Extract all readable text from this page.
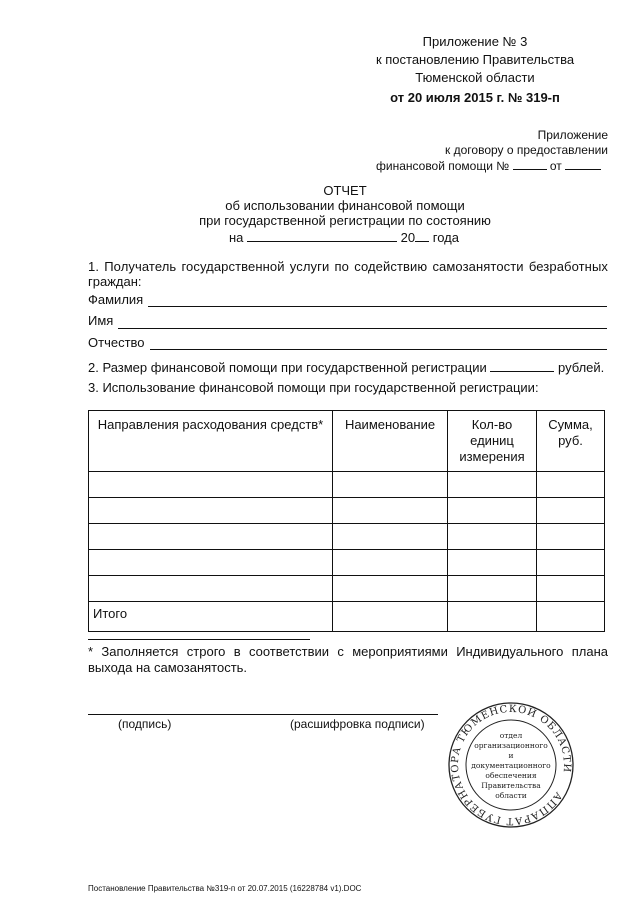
Приложение № 3
к постановлению Правительства
Тюменской области
от 20 июля 2015 г. № 319-п
Приложение
к договору о предоставлении
финансовой помощи №	от
ОТЧЕТ
об использовании финансовой помощи
при государственной регистрации по состоянию
на	20 года
1. Получатель государственной услуги по содействию самозанятости безработных
граждан:
Фамилия
Имя
Отчество
2. Размер финансовой помощи при государственной регистрации	рублей.
3. Использование финансовой помощи при государственной регистрации:
Направления расходования средств*	Наименование	Кол-во единиц измерения	Сумма, руб.

Итого			
* Заполняется строго в соответствии с мероприятиями Индивидуального плана
выхода на самозанятость.
(подпись)	(расшифровка подписи)
АППАРАТ ГУБЕРНАТОРА ТЮМЕНСКОЙ ОБЛАСТИ
отдел
организационного
и
документационного
обеспечения
Правительства
области
Постановление Правительства №319-п от 20.07.2015 (16228784 v1).DOC
